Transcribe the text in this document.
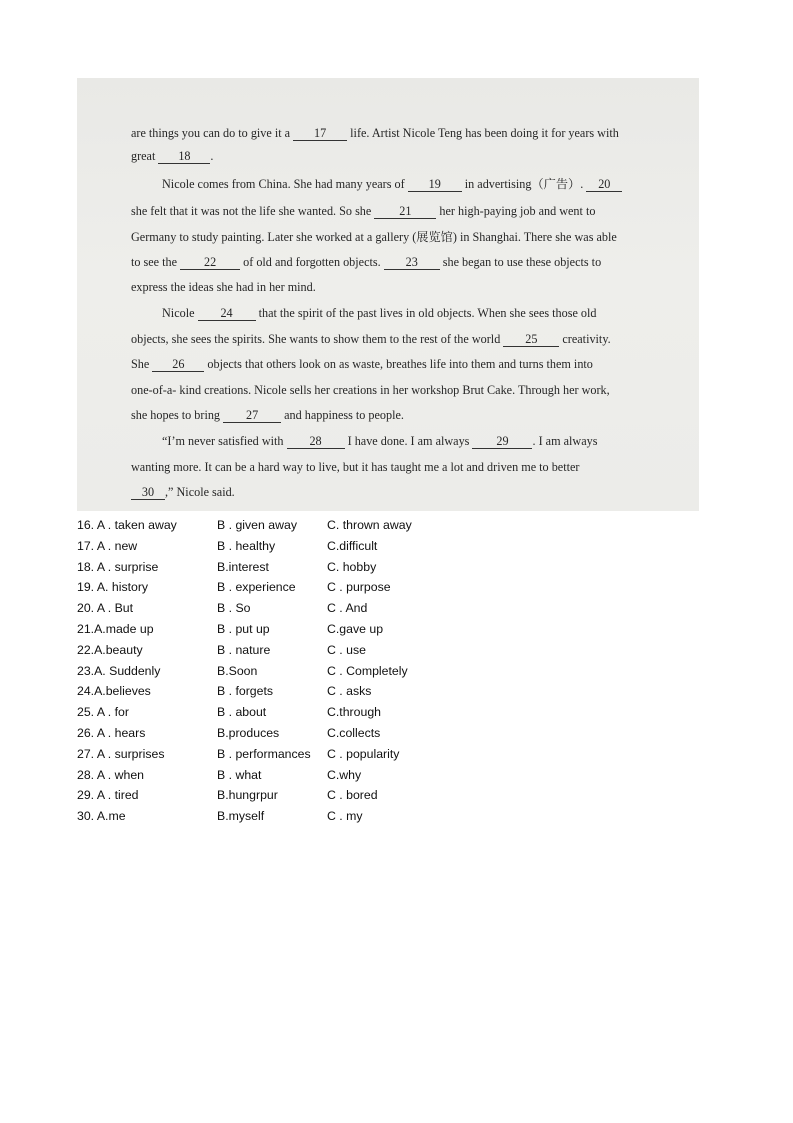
are things you can do to give it a 17 life. Artist Nicole Teng has been doing it for years with
great 18 .
Nicole comes from China. She had many years of 19 in advertising（广告）. 20
she felt that it was not the life she wanted. So she 21 her high-paying job and went to
Germany to study painting. Later she worked at a gallery (展览馆) in Shanghai. There she was able
to see the 22 of old and forgotten objects. 23 she began to use these objects to
express the ideas she had in her mind.
Nicole 24 that the spirit of the past lives in old objects. When she sees those old
objects, she sees the spirits. She wants to show them to the rest of the world 25 creativity.
She 26 objects that others look on as waste, breathes life into them and turns them into
one-of-a- kind creations. Nicole sells her creations in her workshop Brut Cake. Through her work,
she hopes to bring 27 and happiness to people.
“I’m never satisfied with 28 I have done. I am always 29 . I am always
wanting more. It can be a hard way to live, but it has taught me a lot and driven me to better
30 ,” Nicole said.
16. A . taken away	B . given away C. thrown away
17. A . new	B . healthy	C.difficult
18. A . surprise	B.interest	C. hobby
19. A. history	B . experience	C . purpose
20. A . But	B . So	C . And
21.A.made up	B . put up	C.gave up
22.A.beauty	B . nature	C . use
23.A. Suddenly	B.Soon	C . Completely
24.A.believes	B . forgets	C . asks
25. A . for	B . about	C.through
26. A . hears	B.produces	C.collects
27. A . surprises	B . performances C . popularity
28. A . when	B . what	C.why
29. A . tired	B.hungrpur	C . bored
30. A.me	B.myself	C . my
